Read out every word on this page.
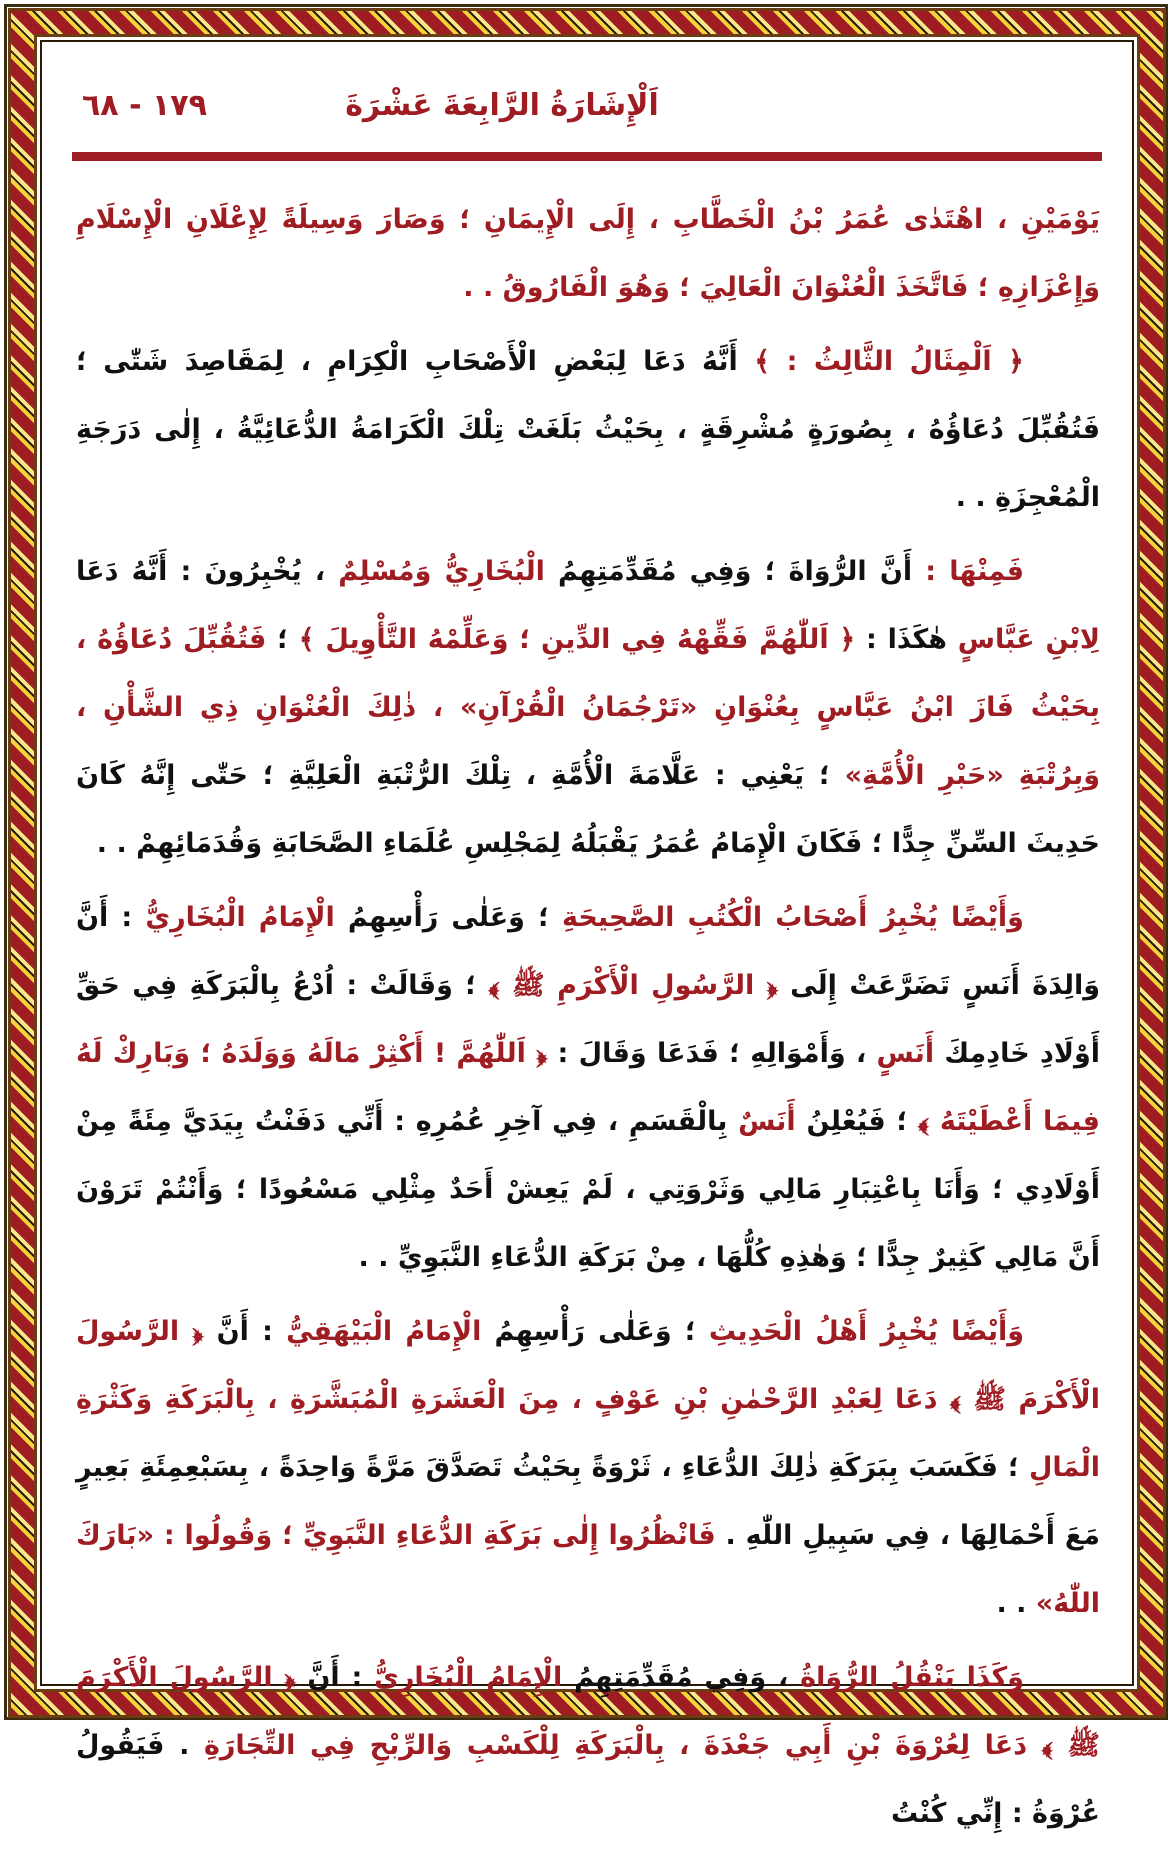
اَلْإِشَارَةُ الرَّابِعَةَ عَشْرَةَ
١٧٩ - ٦٨

يَوْمَيْنِ ، اهْتَدٰى عُمَرُ بْنُ الْخَطَّابِ ، إِلَى الْإِيمَانِ ؛ وَصَارَ وَسِيلَةً لِإِعْلَانِ الْإِسْلَامِ وَإِعْزَازِهِ ؛ فَاتَّخَذَ الْعُنْوَانَ الْعَالِيَ ؛ وَهُوَ الْفَارُوقُ . .

﴿ اَلْمِثَالُ الثَّالِثُ : ﴾ أَنَّهُ دَعَا لِبَعْضِ الْأَصْحَابِ الْكِرَامِ ، لِمَقَاصِدَ شَتّٰى ؛ فَتُقُبِّلَ دُعَاؤُهُ ، بِصُورَةٍ مُشْرِقَةٍ ، بِحَيْثُ بَلَغَتْ تِلْكَ الْكَرَامَةُ الدُّعَائِيَّةُ ، إِلٰى دَرَجَةِ الْمُعْجِزَةِ . .

فَمِنْهَا : أَنَّ الرُّوَاةَ ؛ وَفِي مُقَدِّمَتِهِمُ الْبُخَارِيُّ وَمُسْلِمٌ ، يُخْبِرُونَ : أَنَّهُ دَعَا لِابْنِ عَبَّاسٍ هٰكَذَا : ﴿ اَللّٰهُمَّ فَقِّهْهُ فِي الدِّينِ ؛ وَعَلِّمْهُ التَّأْوِيلَ ﴾ ؛ فَتُقُبِّلَ دُعَاؤُهُ ، بِحَيْثُ فَازَ ابْنُ عَبَّاسٍ بِعُنْوَانِ «تَرْجُمَانُ الْقُرْآنِ» ، ذٰلِكَ الْعُنْوَانِ ذِي الشَّأْنِ ، وَبِرُتْبَةِ «حَبْرِ الْأُمَّةِ» ؛ يَعْنِي : عَلَّامَةَ الْأُمَّةِ ، تِلْكَ الرُّتْبَةِ الْعَلِيَّةِ ؛ حَتّٰى إِنَّهُ كَانَ حَدِيثَ السِّنِّ جِدًّا ؛ فَكَانَ الْإِمَامُ عُمَرُ يَقْبَلُهُ لِمَجْلِسِ عُلَمَاءِ الصَّحَابَةِ وَقُدَمَائِهِمْ . .

وَأَيْضًا يُخْبِرُ أَصْحَابُ الْكُتُبِ الصَّحِيحَةِ ؛ وَعَلٰى رَأْسِهِمُ الْإِمَامُ الْبُخَارِيُّ : أَنَّ وَالِدَةَ أَنَسٍ تَضَرَّعَتْ إِلَى ﴿ الرَّسُولِ الْأَكْرَمِ ﷺ ﴾ ؛ وَقَالَتْ : اُدْعُ بِالْبَرَكَةِ فِي حَقِّ أَوْلَادِ خَادِمِكَ أَنَسٍ ، وَأَمْوَالِهِ ؛ فَدَعَا وَقَالَ : ﴿ اَللّٰهُمَّ ! أَكْثِرْ مَالَهُ وَوَلَدَهُ ؛ وَبَارِكْ لَهُ فِيمَا أَعْطَيْتَهُ ﴾ ؛ فَيُعْلِنُ أَنَسٌ بِالْقَسَمِ ، فِي آخِرِ عُمُرِهِ : أَنِّي دَفَنْتُ بِيَدَيَّ مِئَةً مِنْ أَوْلَادِي ؛ وَأَنَا بِاعْتِبَارِ مَالِي وَثَرْوَتِي ، لَمْ يَعِشْ أَحَدٌ مِثْلِي مَسْعُودًا ؛ وَأَنْتُمْ تَرَوْنَ أَنَّ مَالِي كَثِيرٌ جِدًّا ؛ وَهٰذِهِ كُلُّهَا ، مِنْ بَرَكَةِ الدُّعَاءِ النَّبَوِيِّ . .

وَأَيْضًا يُخْبِرُ أَهْلُ الْحَدِيثِ ؛ وَعَلٰى رَأْسِهِمُ الْإِمَامُ الْبَيْهَقِيُّ : أَنَّ ﴿ الرَّسُولَ الْأَكْرَمَ ﷺ ﴾ دَعَا لِعَبْدِ الرَّحْمٰنِ بْنِ عَوْفٍ ، مِنَ الْعَشَرَةِ الْمُبَشَّرَةِ ، بِالْبَرَكَةِ وَكَثْرَةِ الْمَالِ ؛ فَكَسَبَ بِبَرَكَةِ ذٰلِكَ الدُّعَاءِ ، ثَرْوَةً بِحَيْثُ تَصَدَّقَ مَرَّةً وَاحِدَةً ، بِسَبْعِمِئَةِ بَعِيرٍ مَعَ أَحْمَالِهَا ، فِي سَبِيلِ اللّٰهِ . فَانْظُرُوا إِلٰى بَرَكَةِ الدُّعَاءِ النَّبَوِيِّ ؛ وَقُولُوا : «بَارَكَ اللّٰهُ» . .

وَكَذَا يَنْقُلُ الرُّوَاةُ ، وَفِي مُقَدِّمَتِهِمُ الْإِمَامُ الْبُخَارِيُّ : أَنَّ ﴿ الرَّسُولَ الْأَكْرَمَ ﷺ ﴾ دَعَا لِعُرْوَةَ بْنِ أَبِي جَعْدَةَ ، بِالْبَرَكَةِ لِلْكَسْبِ وَالرِّبْحِ فِي التِّجَارَةِ . فَيَقُولُ عُرْوَةُ : إِنِّي كُنْتُ
